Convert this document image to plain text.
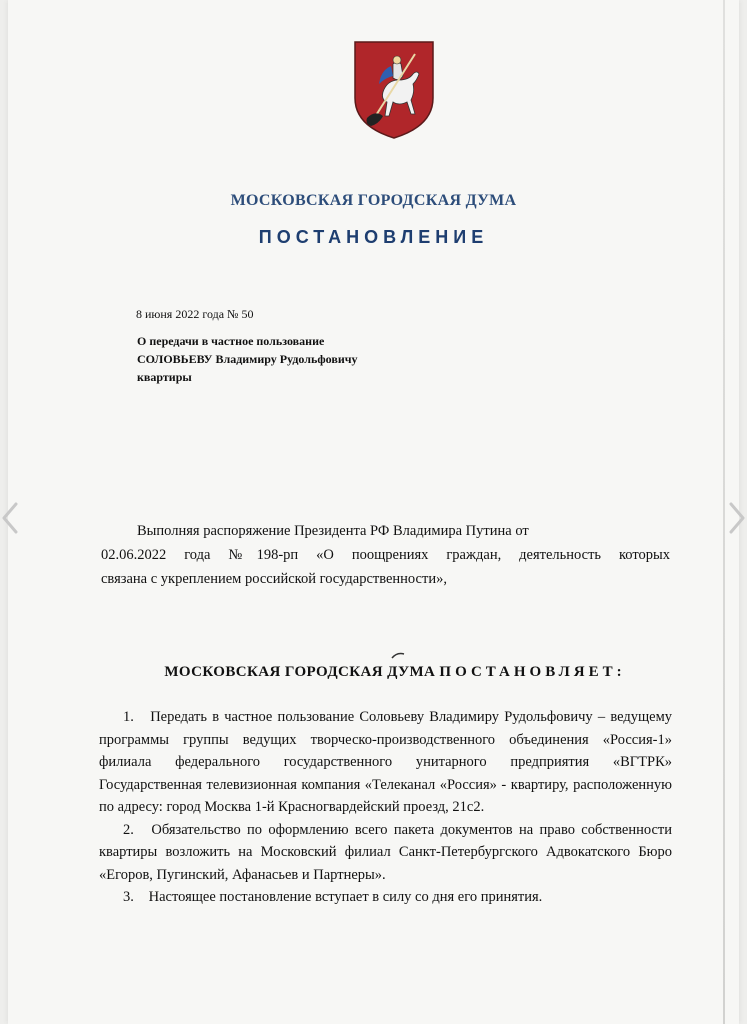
МОСКОВСКАЯ ГОРОДСКАЯ ДУМА
ПОСТАНОВЛЕНИЕ
8 июня 2022 года № 50
О передачи в частное пользование
СОЛОВЬЕВУ Владимиру Рудольфовичу
квартиры
Выполняя распоряжение Президента РФ Владимира Путина от
02.06.2022 года №198-рп «О поощрениях граждан, деятельность которых
связана с укреплением российской государственности»,
МОСКОВСКАЯ ГОРОДСКАЯ ДУМА ПОСТАНОВЛЯЕТ:
1. Передать в частное пользование Соловьеву Владимиру Рудольфовичу – ведущему программы группы ведущих творческо-производственного объединения «Россия-1» филиала федерального государственного унитарного предприятия «ВГТРК» Государственная телевизионная компания «Телеканал «Россия» - квартиру, расположенную по адресу: город Москва 1-й Красногвардейский проезд, 21с2.
2. Обязательство по оформлению всего пакета документов на право собственности квартиры возложить на Московский филиал Санкт-Петербургского Адвокатского Бюро «Егоров, Пугинский, Афанасьев и Партнеры».
3. Настоящее постановление вступает в силу со дня его принятия.
